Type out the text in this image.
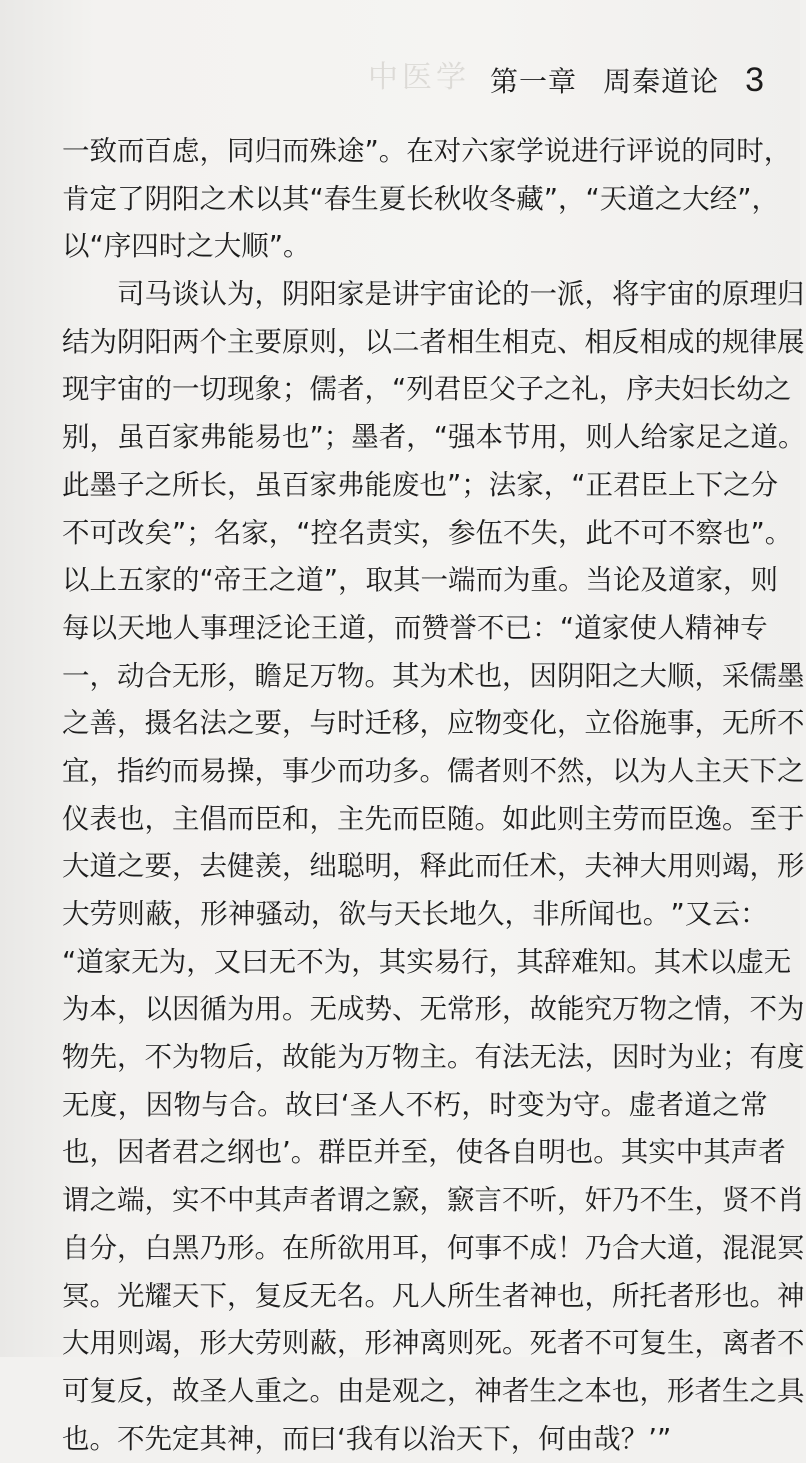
中医学 第一章 周秦道论 3
一 致 而 百 虑 ， 同 归 而 殊 途 ” 。 在 对 六 家 学 说 进 行 评 说 的 同 时 ，
肯 定 了 阴 阳 之 术 以 其 “ 春 生 夏 长 秋 收 冬 藏 ” ， “ 天 道 之 大 经 ” ，
以 “ 序 四 时 之 大 顺 ” 。

司 马 谈 认 为 ， 阴 阳 家 是 讲 宇 宙 论 的 一 派 ， 将 宇 宙 的 原 理 归
结 为 阴 阳 两 个 主 要 原 则 ， 以 二 者 相 生 相 克 、 相 反 相 成 的 规 律 展
现 宇 宙 的 一 切 现 象 ； 儒 者 ， “ 列 君 臣 父 子 之 礼 ， 序 夫 妇 长 幼 之
别 ， 虽 百 家 弗 能 易 也 ” ； 墨 者 ， “ 强 本 节 用 ， 则 人 给 家 足 之 道 。
此 墨 子 之 所 长 ， 虽 百 家 弗 能 废 也 ” ； 法 家 ， “ 正 君 臣 上 下 之 分
不 可 改 矣 ” ； 名 家 ， “ 控 名 责 实 ， 参 伍 不 失 ， 此 不 可 不 察 也 ” 。
以 上 五 家 的 “ 帝 王 之 道 ” ， 取 其 一 端 而 为 重 。 当 论 及 道 家 ， 则
每 以 天 地 人 事 理 泛 论 王 道 ， 而 赞 誉 不 已 ： “ 道 家 使 人 精 神 专
一 ， 动 合 无 形 ， 瞻 足 万 物 。 其 为 术 也 ， 因 阴 阳 之 大 顺 ， 采 儒 墨
之 善 ， 摄 名 法 之 要 ， 与 时 迁 移 ， 应 物 变 化 ， 立 俗 施 事 ， 无 所 不
宜 ， 指 约 而 易 操 ， 事 少 而 功 多 。 儒 者 则 不 然 ， 以 为 人 主 天 下 之
仪 表 也 ， 主 倡 而 臣 和 ， 主 先 而 臣 随 。 如 此 则 主 劳 而 臣 逸 。 至 于
大 道 之 要 ， 去 健 羡 ， 绌 聪 明 ， 释 此 而 任 术 ， 夫 神 大 用 则 竭 ， 形
大 劳 则 蔽 ， 形 神 骚 动 ， 欲 与 天 长 地 久 ， 非 所 闻 也 。 ” 又 云 ：
“ 道 家 无 为 ， 又 曰 无 不 为 ， 其 实 易 行 ， 其 辞 难 知 。 其 术 以 虚 无
为 本 ， 以 因 循 为 用 。 无 成 势 、 无 常 形 ， 故 能 究 万 物 之 情 ， 不 为
物 先 ， 不 为 物 后 ， 故 能 为 万 物 主 。 有 法 无 法 ， 因 时 为 业 ； 有 度
无 度 ， 因 物 与 合 。 故 曰 ‘ 圣 人 不 朽 ， 时 变 为 守 。 虚 者 道 之 常
也 ， 因 者 君 之 纲 也 ’ 。 群 臣 并 至 ， 使 各 自 明 也 。 其 实 中 其 声 者
谓 之 端 ， 实 不 中 其 声 者 谓 之 窾 ， 窾 言 不 听 ， 奸 乃 不 生 ， 贤 不 肖
自 分 ， 白 黑 乃 形 。 在 所 欲 用 耳 ， 何 事 不 成 ！ 乃 合 大 道 ， 混 混 冥
冥 。 光 耀 天 下 ， 复 反 无 名 。 凡 人 所 生 者 神 也 ， 所 托 者 形 也 。 神
大 用 则 竭 ， 形 大 劳 则 蔽 ， 形 神 离 则 死 。 死 者 不 可 复 生 ， 离 者 不
可 复 反 ， 故 圣 人 重 之 。 由 是 观 之 ， 神 者 生 之 本 也 ， 形 者 生 之 具
也 。 不 先 定 其 神 ， 而 曰 ‘ 我 有 以 治 天 下 ， 何 由 哉 ？ ’ ”
